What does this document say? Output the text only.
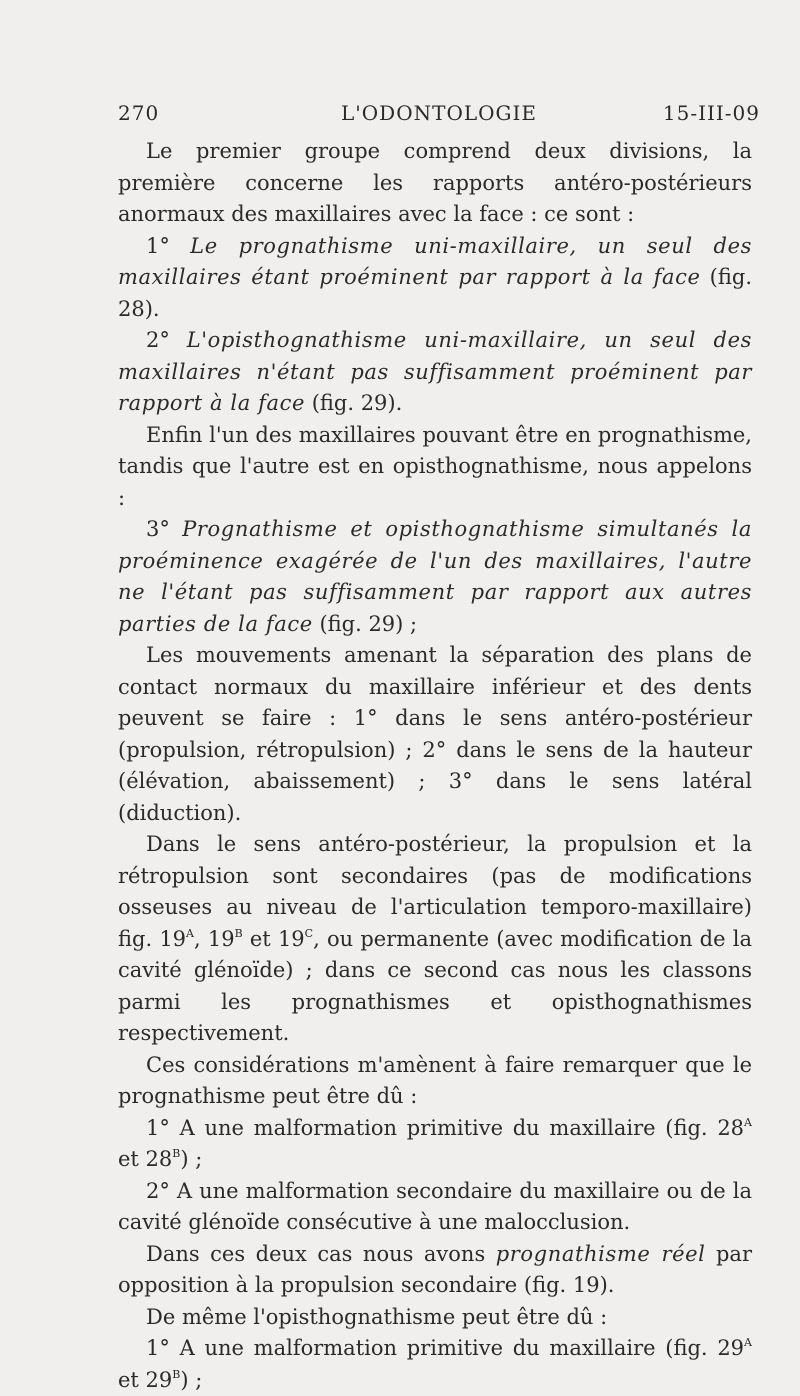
270	L'ODONTOLOGIE	15-III-09

Le premier groupe comprend deux divisions, la première concerne les rapports antéro-postérieurs anormaux des maxillaires avec la face : ce sont :

1° Le prognathisme uni-maxillaire, un seul des maxillaires étant proéminent par rapport à la face (fig. 28).

2° L'opisthognathisme uni-maxillaire, un seul des maxillaires n'étant pas suffisamment proéminent par rapport à la face (fig. 29).

Enfin l'un des maxillaires pouvant être en prognathisme, tandis que l'autre est en opisthognathisme, nous appelons :

3° Prognathisme et opisthognathisme simultanés la proéminence exagérée de l'un des maxillaires, l'autre ne l'étant pas suffisamment par rapport aux autres parties de la face (fig. 29) ;

Les mouvements amenant la séparation des plans de contact normaux du maxillaire inférieur et des dents peuvent se faire : 1° dans le sens antéro-postérieur (propulsion, rétropulsion) ; 2° dans le sens de la hauteur (élévation, abaissement) ; 3° dans le sens latéral (diduction).

Dans le sens antéro-postérieur, la propulsion et la rétropulsion sont secondaires (pas de modifications osseuses au niveau de l'articulation temporo-maxillaire) fig. $19^A$, $19^B$ et $19^C$, ou permanente (avec modification de la cavité glénoïde) ; dans ce second cas nous les classons parmi les prognathismes et opisthognathismes respectivement.

Ces considérations m'amènent à faire remarquer que le prognathisme peut être dû :

1° A une malformation primitive du maxillaire (fig. $28^A$ et $28^B$) ;

2° A une malformation secondaire du maxillaire ou de la cavité glénoïde consécutive à une malocclusion.

Dans ces deux cas nous avons prognathisme réel par opposition à la propulsion secondaire (fig. 19).

De même l'opisthognathisme peut être dû :

1° A une malformation primitive du maxillaire (fig. $29^A$ et $29^B$) ;
